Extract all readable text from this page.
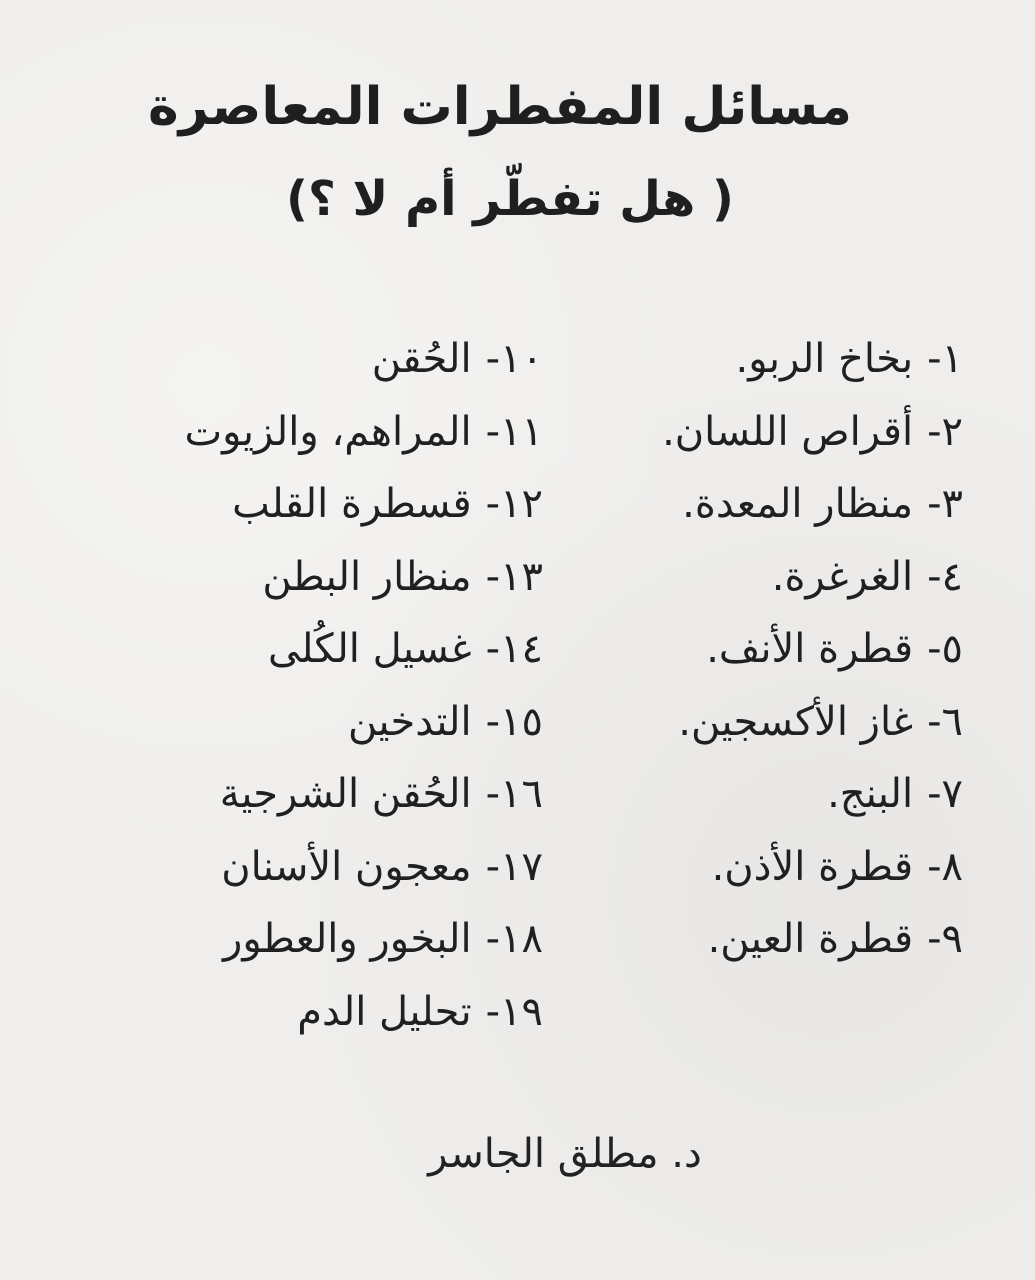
مسائل المفطرات المعاصرة
( هل تفطّر أم لا ؟)
١-بخاخ الربو.
٢-أقراص اللسان.
٣-منظار المعدة.
٤-الغرغرة.
٥-قطرة الأنف.
٦-غاز الأكسجين.
٧-البنج.
٨-قطرة الأذن.
٩-قطرة العين.
١٠-الحُقن
١١-المراهم، والزيوت
١٢-قسطرة القلب
١٣-منظار البطن
١٤-غسيل الكُلى
١٥-التدخين
١٦-الحُقن الشرجية
١٧-معجون الأسنان
١٨-البخور والعطور
١٩-تحليل الدم
د. مطلق الجاسر
